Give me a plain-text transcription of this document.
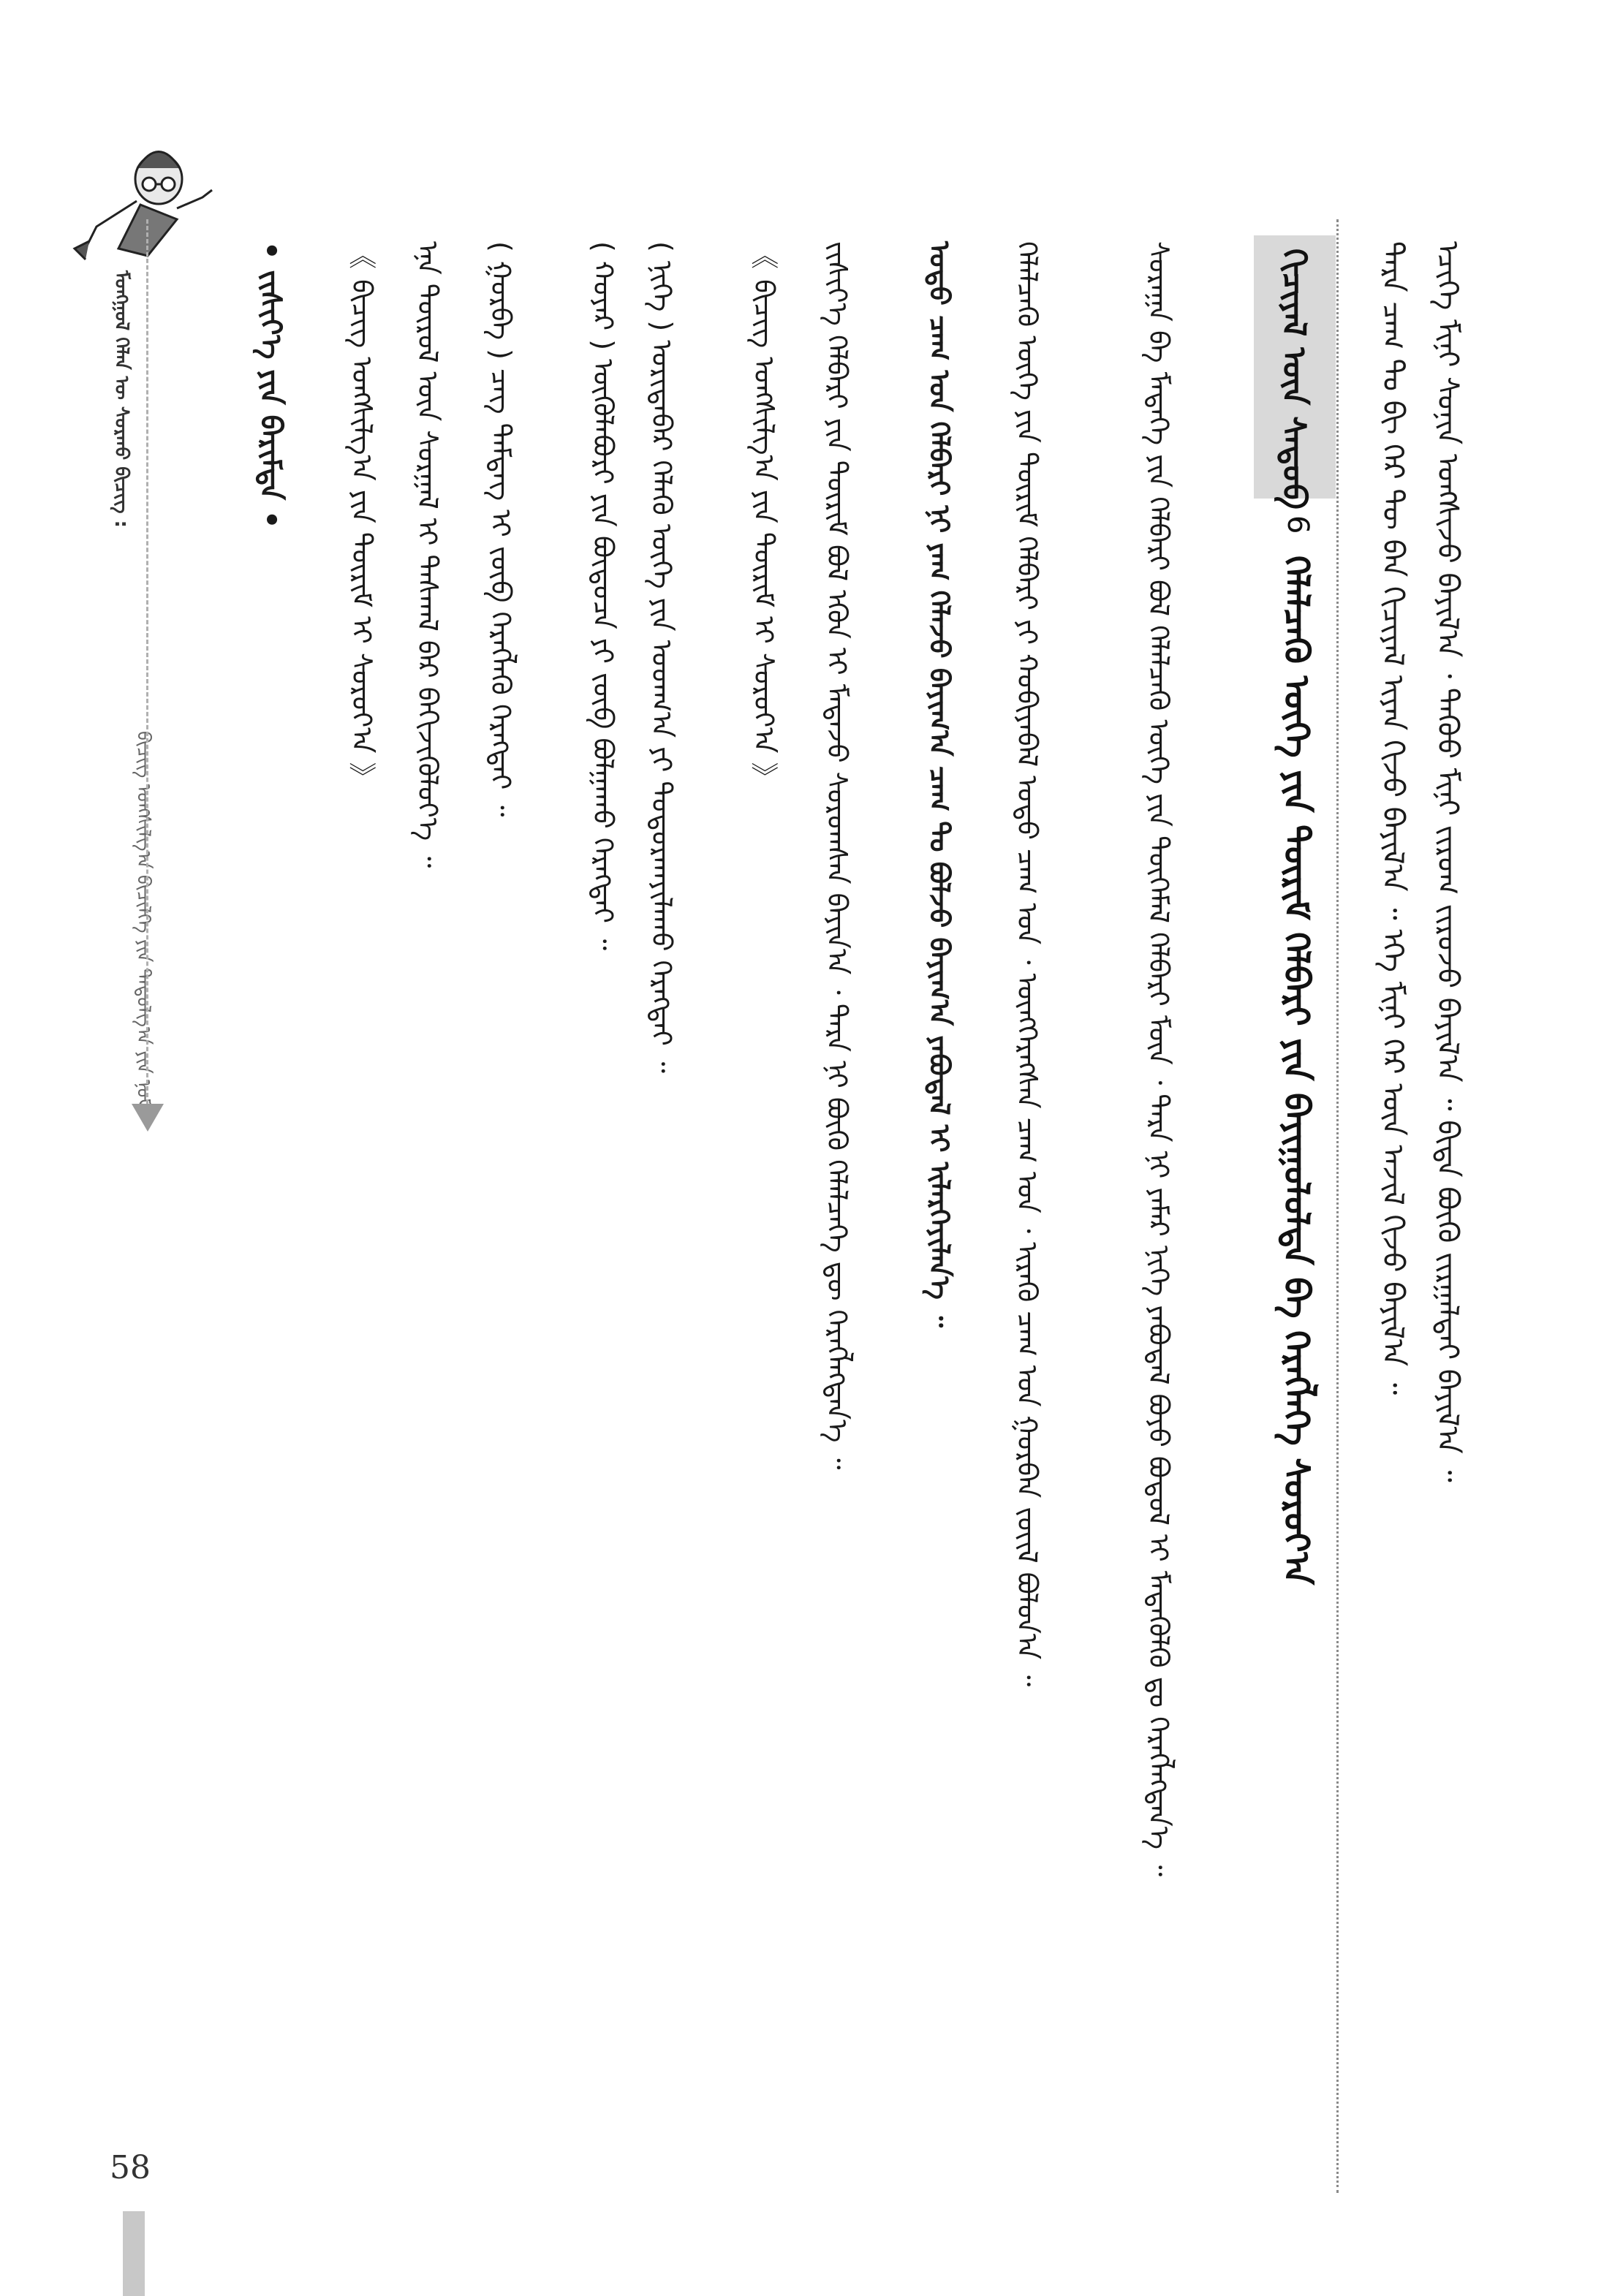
ᠮᠣᠩᠭᠣᠯ ᠬᠡᠯᠡᠨ ᠦ ᠰᠤᠷᠬᠤ ᠪᠢᠴᠢᠭ᠌ :
ᠪᠢᠴᠢᠭ᠌ ᠤᠩᠰᠢᠯᠭ᠎ᠠ ᠪᠢᠴᠢᠯᠭᠡ ᠶᠢᠨ ᠳᠠᠳᠤᠯᠭ᠎ᠠ ᠶᠢᠨ ᠨᠣᠮ
• ᠵᠢᠱᠢᠶ᠎ᠡ ᠶᠢᠨ ᠪᠠᠷᠢᠮᠲᠠ •	《 ᠪᠢᠴᠢᠭ᠌ ᠤᠩᠰᠢᠯᠭ᠎ᠠ ᠶᠢᠨ ᠳᠦᠷᠢᠮ ᠢ ᠰᠤᠷᠤᠶ᠎ᠠ 》	ᠡᠨᠡ ᠲᠦᠷᠦᠯ ᠦᠨ ᠰᠤᠷᠭᠠᠯ ᠢ ᠳᠠᠰᠬᠠᠯ ᠪᠡᠷ ᠪᠡᠬᠢᠵᠢᠬᠦᠯᠦᠶ᠎ᠡ ᠃	( ᠭᠤᠷᠪᠠ ) ᠴᠡᠭ ᠲᠡᠮᠳᠡᠭ ᠢ ᠵᠥᠪ ᠬᠡᠷᠡᠭᠯᠡᠬᠦ ᠬᠡᠷᠡᠭᠲᠡᠶ ᠃	( ᠬᠣᠶᠠᠷ ) ᠦᠭᠦᠯᠡᠪᠦᠷᠢ ᠶᠢᠨ ᠪᠦᠲᠦᠴᠡ ᠶᠢ ᠵᠥᠪ ᠪᠣᠯᠭᠠᠬᠤ ᠬᠡᠷᠡᠭᠲᠡᠶ ᠃ ( ᠨᠢᠭᠡ ) ᠤᠷᠢᠳᠠᠪᠠᠷ ᠬᠡᠯᠡᠬᠦ ᠦᠭᠡ ᠶᠢᠨ ᠤᠳᠬ᠎ᠠ ᠶᠢ ᠲᠣᠳᠤᠷᠬᠠᠶᠢᠯᠠᠬᠤ ᠬᠡᠷᠡᠭᠲᠡᠶ ᠃	《 ᠪᠢᠴᠢᠭ᠌ ᠤᠩᠰᠢᠯᠭ᠎ᠠ ᠶᠢᠨ ᠳᠦᠷᠢᠮ ᠢ ᠰᠤᠷᠤᠶ᠎ᠠ 》	ᠵᠢᠱᠢᠶ᠎ᠡ ᠬᠡᠯᠪᠡᠷᠢ ᠶᠢᠨ ᠳᠦᠷᠢᠮ ᠪᠣᠯ ᠡᠭᠦᠨ ᠢ ᠮᠡᠳᠡᠵᠦ ᠰᠤᠷᠤᠭᠰᠠᠨ ᠪᠠᠶᠢᠨ᠎ᠠ ᠂ ᠲᠡᠷᠡ ᠨᠢ ᠪᠦᠬᠦ ᠬᠡᠯᠡᠯᠴᠡᠭᠡ ᠳᠦ ᠬᠡᠷᠡᠭᠯᠡᠭᠳᠡᠨ᠎ᠡ ᠃	ᠣᠳᠣ ᠴᠠᠭ ᠤᠨ ᠬᠡᠯᠪᠡᠷᠢ ᠨᠢ ᠶᠠᠭ ᠬᠡᠯᠡᠵᠦ ᠪᠠᠶᠢᠭ᠎ᠠ ᠴᠠᠭ ᠲᠤ ᠪᠣᠯᠵᠤ ᠪᠠᠶᠢᠭ᠎ᠠ ᠶᠠᠪᠤᠳᠠᠯ ᠢ ᠢᠯᠡᠷᠬᠡᠶᠢᠯᠡᠨ᠎ᠡ ᠃	ᠬᠡᠯᠡᠯᠴᠡᠬᠦ ᠦᠭᠡ ᠶᠢᠨ ᠳᠦᠷᠢᠮ ᠬᠡᠯᠪᠡᠷᠢ ᠶᠢ ᠬᠤᠪᠢᠶᠠᠪᠠᠯ ᠣᠳᠣ ᠴᠠᠭ ᠤᠨ ᠂ ᠦᠩᠭᠡᠷᠡᠭᠰᠡᠨ ᠴᠠᠭ ᠤᠨ ᠂ ᠢᠷᠡᠬᠦ ᠴᠠᠭ ᠤᠨ ᠭᠤᠷᠪᠠᠨ ᠵᠦᠢᠯ ᠪᠣᠯᠤᠨ᠎ᠠ ᠃	ᠰᠤᠷᠠᠭᠠ ᠪᠠ ᠮᠡᠳᠡᠭᠡ ᠶᠢᠨ ᠬᠡᠯᠪᠡᠷᠢ ᠪᠣᠯ ᠬᠡᠯᠡᠯᠴᠡᠬᠦ ᠦᠭᠡ ᠶᠢᠨ ᠲᠦᠭᠡᠮᠡᠯ ᠬᠡᠯᠪᠡᠷᠢ ᠮᠥᠨ ᠂ ᠲᠡᠷᠡ ᠨᠢ ᠶᠠᠮᠠᠷ ᠨᠢᠭᠡ ᠶᠠᠪᠤᠳᠠᠯ ᠪᠣᠶᠤ ᠪᠣᠳᠤᠯ ᠢ ᠮᠡᠳᠡᠭᠦᠯᠬᠦ ᠳᠤ ᠬᠡᠷᠡᠭᠯᠡᠭᠳᠡᠨ᠎ᠡ ᠃	ᠬᠢᠴᠢᠶᠡᠯ ᠦᠨ ᠰᠡᠳᠦᠪ
6
ᠬᠡᠯᠡᠯᠴᠡᠬᠦ ᠦᠭᠡ ᠶᠢᠨ ᠳᠦᠷᠢᠮ ᠬᠡᠯᠪᠡᠷᠢ ᠶᠢᠨ ᠪᠠᠶᠢᠭᠤᠯᠤᠯᠲᠠ ᠪᠠ ᠬᠡᠷᠡᠭᠯᠡᠭᠡ ᠰᠤᠷᠤᠶ᠎ᠠ	ᠲᠡᠷᠡ ᠴᠠᠭ ᠲᠤ ᠪᠢ ᠭᠡᠷ ᠲᠦ ᠪᠠᠨ ᠬᠢᠴᠢᠶᠡᠯ ᠢᠶᠡᠨ ᠬᠢᠵᠦ ᠪᠠᠶᠢᠯ᠎ᠠ ᠃ ᠡᠬᠡ ᠮᠢᠨᠢ ᠭᠡᠷ ᠦᠨ ᠠᠵᠢᠯ ᠬᠢᠵᠦ ᠪᠠᠶᠢᠯ᠎ᠠ ᠃ ᠡᠴᠢᠭᠡ ᠮᠢᠨᠢ ᠰᠣᠨᠢᠨ ᠤᠩᠰᠢᠵᠤ ᠪᠠᠶᠢᠯ᠎ᠠ ᠂ ᠳᠡᠭᠦᠦ ᠮᠢᠨᠢ ᠵᠢᠷᠤᠭ ᠵᠢᠷᠤᠵᠤ ᠪᠠᠶᠢᠯ᠎ᠠ ᠃ ᠪᠢᠳᠡ ᠪᠦᠬᠦ ᠵᠢᠷᠭᠠᠯᠲᠠᠶ ᠪᠠᠶᠢᠯ᠎ᠠ ᠃
58
